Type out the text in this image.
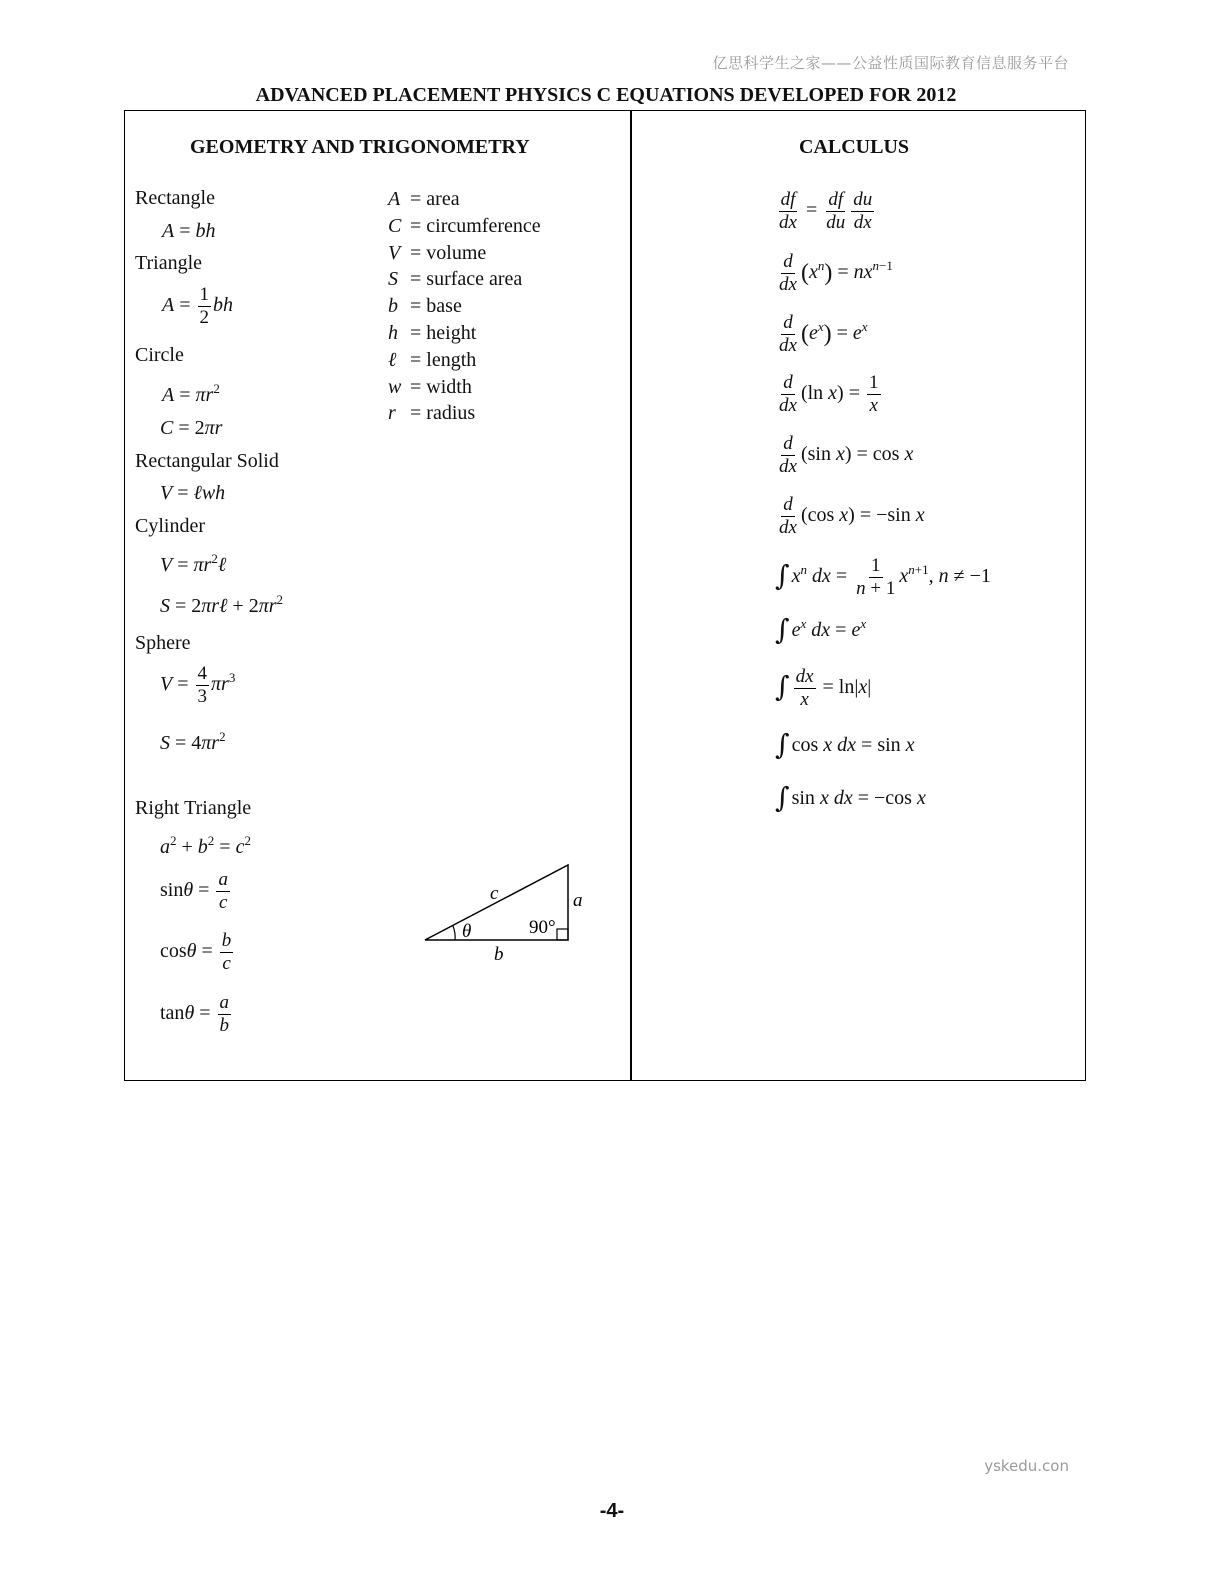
亿思科学生之家——公益性质国际教育信息服务平台
ADVANCED PLACEMENT PHYSICS C EQUATIONS DEVELOPED FOR 2012
GEOMETRY AND TRIGONOMETRY
Rectangle
A = bh
Triangle
$A = \frac{1}{2}$ bh
Circle
$A = \pi r^2$
C = 2πr
Rectangular Solid
V = ℓwh
Cylinder
$V = \pi r^2\ell$
S = 2πrℓ + $2\pi r^2$
Sphere
$V = \frac{4}{3} \pi r^3$
$S = 4\pi r^2$
Right Triangle
$a^2 + b^2 = c^2$
$\sin\theta = \frac{a}{c}$
$\cos\theta = \frac{b}{c}$
$\tan\theta = \frac{a}{b}$
A = area
C = circumference
V = volume
S = surface area
b = base
h = height
ℓ = length
w = width
r = radius
c	a
b
θ	90°
CALCULUS
$\frac{df}{dx} = \frac{df}{du} \frac{du}{dx}$
$\frac{d}{dx} (x^n) = nx^{n-1}$
$\frac{d}{dx} (e^x) = e^x$
$\frac{d}{dx} (\ln$ $x) = \frac{1}{x}$
$\frac{d}{dx} (\sin$ x) = cos x
$\frac{d}{dx} (\cos$ x) = −sin x
∫ $x^n$ dx = $\frac{1}{n + 1} x^{n+1}$, n ≠ −1
∫ $e^x$ dx = $e^x$
∫ $\frac{dx}{x} = \ln|x|$
∫ cos x dx = sin x
∫ sin x dx = −cos x
yskedu.con
-4-
